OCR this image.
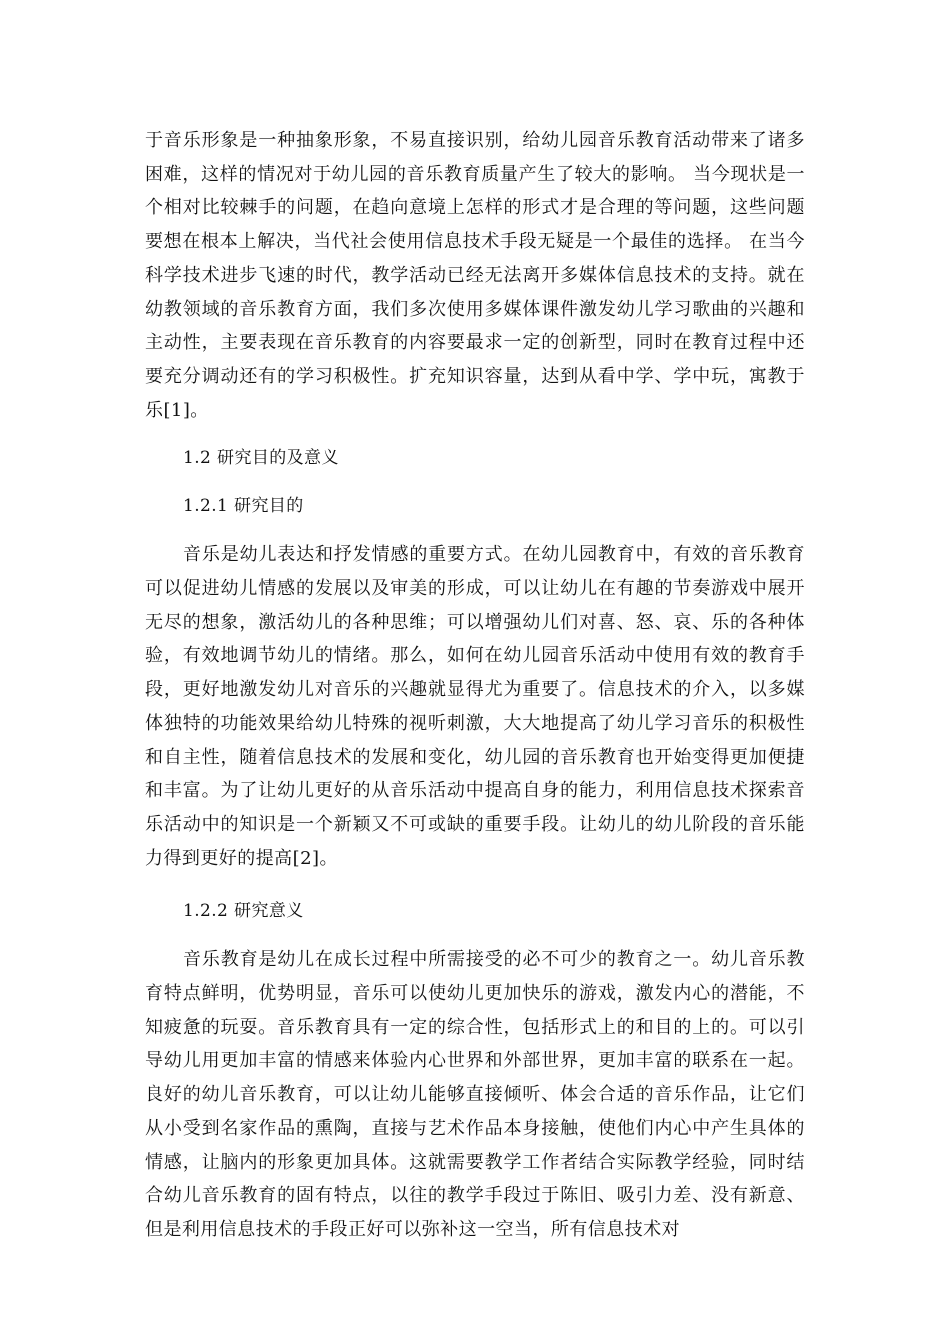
于音乐形象是一种抽象形象，不易直接识别，给幼儿园音乐教育活动带来了诸多困难，这样的情况对于幼儿园的音乐教育质量产生了较大的影响。 当今现状是一个相对比较棘手的问题，在趋向意境上怎样的形式才是合理的等问题，这些问题要想在根本上解决，当代社会使用信息技术手段无疑是一个最佳的选择。 在当今科学技术进步飞速的时代，教学活动已经无法离开多媒体信息技术的支持。就在幼教领域的音乐教育方面，我们多次使用多媒体课件激发幼儿学习歌曲的兴趣和主动性，主要表现在音乐教育的内容要最求一定的创新型，同时在教育过程中还要充分调动还有的学习积极性。扩充知识容量，达到从看中学、学中玩，寓教于乐[1]。

1.2 研究目的及意义

1.2.1 研究目的

音乐是幼儿表达和抒发情感的重要方式。在幼儿园教育中，有效的音乐教育可以促进幼儿情感的发展以及审美的形成，可以让幼儿在有趣的节奏游戏中展开无尽的想象，激活幼儿的各种思维；可以增强幼儿们对喜、怒、哀、乐的各种体验，有效地调节幼儿的情绪。那么，如何在幼儿园音乐活动中使用有效的教育手段，更好地激发幼儿对音乐的兴趣就显得尤为重要了。信息技术的介入，以多媒体独特的功能效果给幼儿特殊的视听刺激，大大地提高了幼儿学习音乐的积极性和自主性，随着信息技术的发展和变化，幼儿园的音乐教育也开始变得更加便捷和丰富。为了让幼儿更好的从音乐活动中提高自身的能力，利用信息技术探索音乐活动中的知识是一个新颖又不可或缺的重要手段。让幼儿的幼儿阶段的音乐能力得到更好的提高[2]。

1.2.2 研究意义

音乐教育是幼儿在成长过程中所需接受的必不可少的教育之一。幼儿音乐教育特点鲜明，优势明显，音乐可以使幼儿更加快乐的游戏，激发内心的潜能，不知疲惫的玩耍。音乐教育具有一定的综合性，包括形式上的和目的上的。可以引导幼儿用更加丰富的情感来体验内心世界和外部世界，更加丰富的联系在一起。良好的幼儿音乐教育，可以让幼儿能够直接倾听、体会合适的音乐作品，让它们从小受到名家作品的熏陶，直接与艺术作品本身接触，使他们内心中产生具体的情感，让脑内的形象更加具体。这就需要教学工作者结合实际教学经验，同时结合幼儿音乐教育的固有特点，以往的教学手段过于陈旧、吸引力差、没有新意、但是利用信息技术的手段正好可以弥补这一空当，所有信息技术对
